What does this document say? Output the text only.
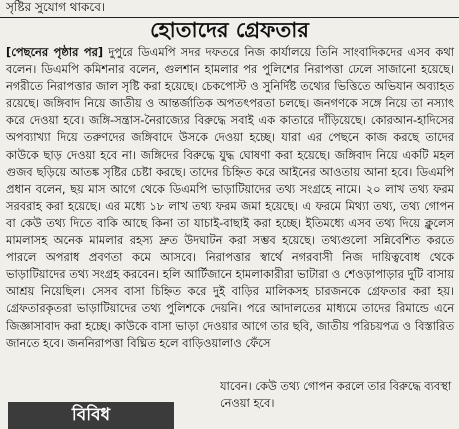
সৃষ্টির সুযোগ থাকবে।
হোতাদের গ্রেফতার

[পেছনের পৃষ্ঠার পর] দুপুরে ডিএমপি সদর দফতরে নিজ কার্যালয়ে তিনি সাংবাদিকদের এসব কথা বলেন। ডিএমপি কমিশনার বলেন, গুলশান হামলার পর পুলিশের নিরাপত্তা ঢেলে সাজানো হয়েছে। নগরীতে নিরাপত্তার জাল সৃষ্টি করা হয়েছে। চেকপোস্ট ও সুনির্দিষ্ট তথ্যের ভিত্তিতে অভিযান অব্যাহত রয়েছে। জঙ্গিবাদ নিয়ে জাতীয় ও আন্তর্জাতিক অপতৎপরতা চলছে। জনগণকে সঙ্গে নিয়ে তা নস্যাৎ করে দেওয়া হবে। জঙ্গি-সন্ত্রাস-নৈরাজ্যের বিরুদ্ধে সবাই এক কাতারে দাঁড়িয়েছে। কোরআন-হাদিসের অপব্যাখ্যা দিয়ে তরুণদের জঙ্গিবাদে উসকে দেওয়া হচ্ছে। যারা এর পেছনে কাজ করছে তাদের কাউকে ছাড় দেওয়া হবে না। জঙ্গিদের বিরুদ্ধে যুদ্ধ ঘোষণা করা হয়েছে। জঙ্গিবাদ নিয়ে একটি মহল গুজব ছড়িয়ে আতঙ্ক সৃষ্টির চেষ্টা করছে। তাদের চিহ্নিত করে আইনের আওতায় আনা হবে। ডিএমপি প্রধান বলেন, ছয় মাস আগে থেকে ডিএমপি ভাড়াটিয়াদের তথ্য সংগ্রহে নামে। ২০ লাখ তথ্য ফরম সরবরাহ করা হয়েছে। এর মধ্যে ১৮ লাখ তথ্য ফরম জমা হয়েছে। এ ফরমে মিথ্যা তথ্য, তথ্য গোপন বা কেউ তথ্য দিতে বাকি আছে কিনা তা যাচাই-বাছাই করা হচ্ছে। ইতিমধ্যে এসব তথ্য দিয়ে ক্লুলেস মামলাসহ অনেক মামলার রহস্য দ্রুত উদঘাটন করা সম্ভব হয়েছে। তথ্যগুলো সন্নিবেশিত করতে পারলে অপরাধ প্রবণতা কমে আসবে। নিরাপত্তার স্বার্থে নগরবাসী নিজ দায়িত্ববোধ থেকে ভাড়াটিয়াদের তথ্য সংগ্রহ করবেন। হলি আর্টিজানে হামলাকারীরা ভাটারা ও শেওড়াপাড়ার দুটি বাসায় আশ্রয় নিয়েছিল। সেসব বাসা চিহ্নিত করে দুই বাড়ির মালিকসহ চারজনকে গ্রেফতার করা হয়। গ্রেফতারকৃতরা ভাড়াটিয়াদের তথ্য পুলিশকে দেয়নি। পরে আদালতের মাধ্যমে তাদের রিমান্ডে এনে জিজ্ঞাসাবাদ করা হচ্ছে। কাউকে বাসা ভাড়া দেওয়ার আগে তার ছবি, জাতীয় পরিচয়পত্র ও বিস্তারিত জানতে হবে। জননিরাপত্তা বিঘ্নিত হলে বাড়িওয়ালাও ফেঁসে

যাবেন। কেউ তথ্য গোপন করলে তার বিরুদ্ধে ব্যবস্থা নেওয়া হবে।
বিবিধ
